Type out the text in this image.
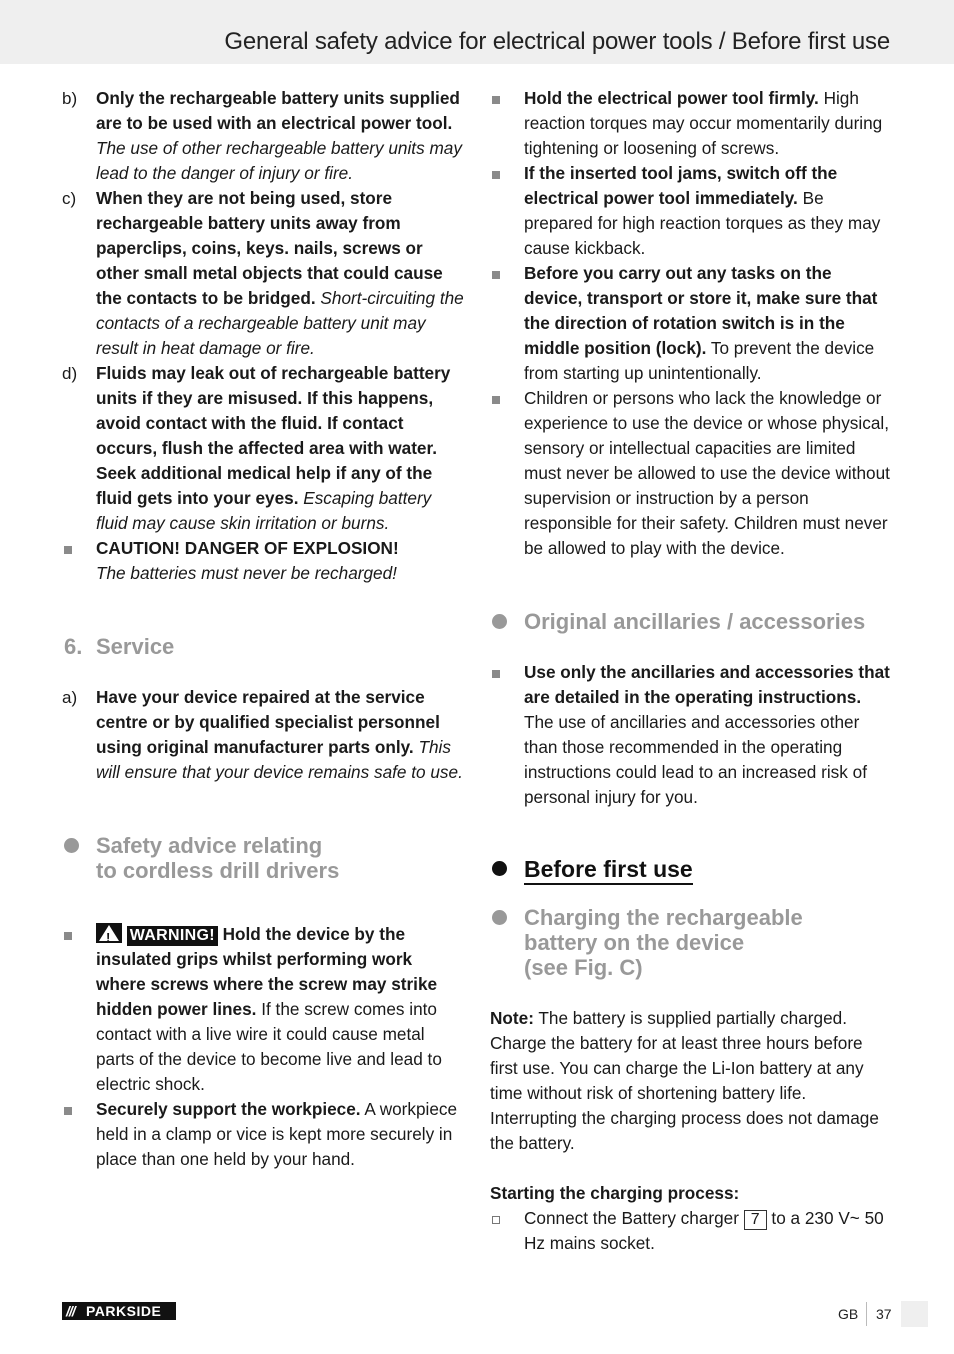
General safety advice for electrical power tools / Before first use
b) Only the rechargeable battery units supplied are to be used with an electrical power tool. The use of other rechargeable battery units may lead to the danger of injury or fire.
c) When they are not being used, store rechargeable battery units away from paperclips, coins, keys. nails, screws or other small metal objects that could cause the contacts to be bridged. Short-circuiting the contacts of a rechargeable battery unit may result in heat damage or fire.
d) Fluids may leak out of rechargeable battery units if they are misused. If this happens, avoid contact with the fluid. If contact occurs, flush the affected area with water. Seek additional medical help if any of the fluid gets into your eyes. Escaping battery fluid may cause skin irritation or burns.
CAUTION! DANGER OF EXPLOSION!
The batteries must never be recharged!
6. Service
a) Have your device repaired at the service centre or by qualified specialist personnel using original manufacturer parts only. This will ensure that your device remains safe to use.
Safety advice relating
to cordless drill drivers
! WARNING! Hold the device by the insulated grips whilst performing work where screws where the screw may strike hidden power lines. If the screw comes into contact with a live wire it could cause metal parts of the device to become live and lead to electric shock.
Securely support the workpiece. A workpiece held in a clamp or vice is kept more securely in place than one held by your hand.
Hold the electrical power tool firmly. High reaction torques may occur momentarily during tightening or loosening of screws.
If the inserted tool jams, switch off the electrical power tool immediately. Be prepared for high reaction torques as they may cause kickback.
Before you carry out any tasks on the device, transport or store it, make sure that the direction of rotation switch is in the middle position (lock). To prevent the device from starting up unintentionally.
Children or persons who lack the knowledge or experience to use the device or whose physical, sensory or intellectual capacities are limited must never be allowed to use the device without supervision or instruction by a person responsible for their safety. Children must never be allowed to play with the device.
Original ancillaries / accessories
Use only the ancillaries and accessories that are detailed in the operating instructions. The use of ancillaries and accessories other than those recommended in the operating instructions could lead to an increased risk of personal injury for you.
Before first use
Charging the rechargeable
battery on the device
(see Fig. C)
Note: The battery is supplied partially charged. Charge the battery for at least three hours before first use. You can charge the Li-Ion battery at any time without risk of shortening battery life. Interrupting the charging process does not damage the battery.
Starting the charging process:
Connect the Battery charger 7 to a 230 V~ 50 Hz mains socket.
/// PARKSIDE	GB 37
